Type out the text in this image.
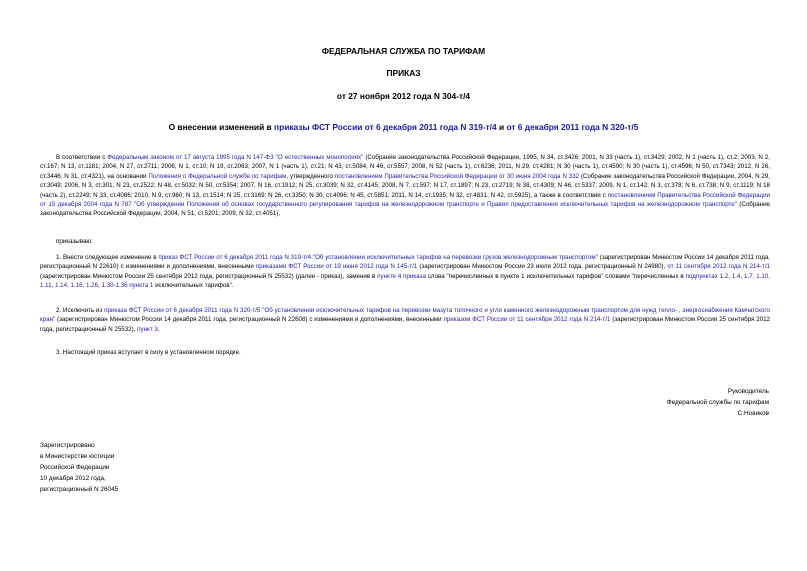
ФЕДЕРАЛЬНАЯ СЛУЖБА ПО ТАРИФАМ
ПРИКАЗ
от 27 ноября 2012 года N 304-т/4
О внесении изменений в приказы ФСТ России от 6 декабря 2011 года N 319-т/4 и от 6 декабря 2011 года N 320-т/5

В соответствии с Федеральным законом от 17 августа 1995 года N 147-ФЗ "О естественных монополиях" (Собрание законодательства Российской Федерации, 1995, N 34, ст.3426; 2001, N 33 (часть 1), ст.3429; 2002, N 1 (часть 1), ст.2; 2003, N 2, ст.167; N 13, ст.1181; 2004, N 27, ст.2711; 2006, N 1, ст.10; N 19, ст.2063; 2007, N 1 (часть 1), ст.21; N 43, ст.5084; N 46, ст.5557; 2008, N 52 (часть 1), ст.6236; 2011, N 29, ст.4281; N 30 (часть 1), ст.4590; N 30 (часть 1), ст.4596; N 50, ст.7343; 2012, N 26, ст.3446; N 31, ст.4321), на основании Положения о Федеральной службе по тарифам, утвержденного постановлением Правительства Российской Федерации от 30 июня 2004 года N 332 (Собрание законодательства Российской Федерации, 2004, N 29, ст.3049; 2006, N 3, ст.301; N 23, ст.2522; N 48, ст.5032; N 50, ст.5354; 2007, N 16, ст.1912; N 25, ст.3039; N 32, ст.4145; 2008, N 7, ст.597; N 17, ст.1897; N 23, ст.2719; N 38, ст.4309; N 46, ст.5337; 2009, N 1, ст.142; N 3, ст.378; N 6, ст.738; N 9, ст.1119; N 18 (часть 2), ст.2249; N 33, ст.4086; 2010, N 9, ст.960; N 13, ст.1514; N 25, ст.3169; N 26, ст.3350; N 30, ст.4096; N 45, ст.5851; 2011, N 14, ст.1935; N 32, ст.4831; N 42, ст.5925), а также в соответствии с постановлением Правительства Российской Федерации от 15 декабря 2004 года N 787 "Об утверждении Положения об основах государственного регулирования тарифов на железнодорожном транспорте и Правил предоставления исключительных тарифов на железнодорожном транспорте" (Собрание законодательства Российской Федерации, 2004, N 51, ст.5201; 2009, N 32, ст.4051),

приказываю:

1. Внести следующее изменение в приказ ФСТ России от 6 декабря 2011 года N 319-т/4 "Об установлении исключительных тарифов на перевозки грузов железнодорожным транспортом" (зарегистрирован Минюстом России 14 декабря 2011 года, регистрационный N 22610) с изменениями и дополнениями, внесенными приказами ФСТ России от 19 июня 2012 года N 145-т/1 (зарегистрирован Минюстом России 23 июля 2012 года, регистрационный N 24980), от 11 сентября 2012 года N 214-т/1 (зарегистрирован Минюстом России 25 сентября 2012 года, регистрационный N 25532) (далее - приказ), заменив в пункте 4 приказа слова "перечисленных в пункте 1 исключительных тарифов" словами "перечисленных в подпунктах 1.2, 1.4, 1.7, 1.10, 1.11, 1.14, 1.16, 1.26, 1.30-1.36 пункта 1 исключительных тарифов".

2. Исключить из приказа ФСТ России от 6 декабря 2011 года N 320-т/5 "Об установлении исключительных тарифов на перевозки мазута топочного и угля каменного железнодорожным транспортом для нужд тепло- , энергоснабжения Камчатского края" (зарегистрирован Минюстом России 14 декабря 2011 года, регистрационный N 22608) с изменениями и дополнениями, внесенными приказом ФСТ России от 11 сентября 2012 года N 214-т/1 (зарегистрирован Минюстом России 25 сентября 2012 года, регистрационный N 25532), пункт 3.

3. Настоящий приказ вступает в силу в установленном порядке.

Руководитель
Федеральной службы по тарифам
С.Новиков
Зарегистрировано
в Министерстве юстиции
Российской Федерации
10 декабря 2012 года,
регистрационный N 26045
